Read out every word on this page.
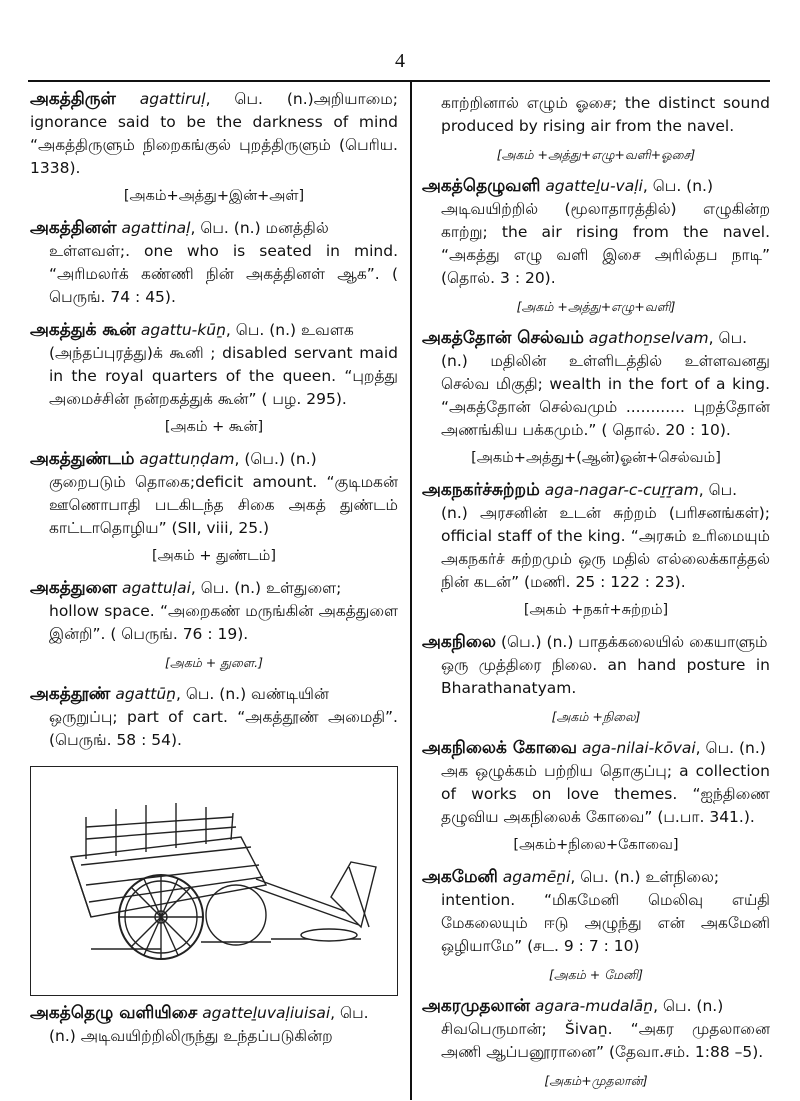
4

அகத்திருள் agattiruḷ, பெ. (n.)அறியாமை; ignorance said to be the darkness of mind “அகத்திருளும் நிறைகங்குல் புறத்திருளும் (பெரிய. 1338).

[அகம்+அத்து+இன்+அள்]

அகத்தினள் agattinaḷ, பெ. (n.) மனத்தில்
உள்ளவள்;. one who is seated in mind. “அரிமலர்க் கண்ணி நின் அகத்தினள் ஆக”. ( பெருங். 74 : 45).

அகத்துக் கூன் agattu-kūṉ, பெ. (n.) உவளக
(அந்தப்புரத்து)க் கூனி ; disabled servant maid in the royal quarters of the queen. “புறத்து அமைச்சின் நன்றகத்துக் கூன்” ( பழ. 295).

[அகம் + கூன்]

அகத்துண்டம் agattuṇḍam, (பெ.) (n.)
குறைபடும் தொகை;deficit amount. “குடிமகன் ஊணொபாதி படகிடந்த சிகை அகத் துண்டம் காட்டாதொழிய” (SII, viii, 25.)

[அகம் + துண்டம்]

அகத்துளை agattuḷai, பெ. (n.) உள்துளை;
hollow space. “அறைகண் மருங்கின் அகத்துளை இன்றி”. ( பெருங். 76 : 19).

[அகம் + துளை.]

அகத்தூண் agattūṉ, பெ. (n.) வண்டியின்
ஒருறுப்பு; part of cart. “அகத்தூண் அமைதி”. (பெருங். 58 : 54).

அகத்தெழு வளியிசை agatteḻuvaḷiuisai, பெ.
(n.) அடிவயிற்றிலிருந்து உந்தப்படுகின்ற

காற்றினால் எழும் ஓசை; the distinct sound produced by rising air from the navel.

[அகம் +அத்து+எழு+வளி+ஓசை]

அகத்தெழுவளி agatteḻu-vaḷi, பெ. (n.)
அடிவயிற்றில் (மூலாதாரத்தில்) எழுகின்ற காற்று; the air rising from the navel. “அகத்து எழு வளி இசை அரில்தப நாடி” (தொல். 3 : 20).

[அகம் +அத்து+எழு+வளி]

அகத்தோன் செல்வம் agathoṉselvam, பெ.
(n.) மதிலின் உள்ளிடத்தில் உள்ளவனது செல்வ மிகுதி; wealth in the fort of a king. “அகத்தோன் செல்வமும் ............ புறத்தோன் அணங்கிய பக்கமும்.” ( தொல். 20 : 10).

[அகம்+அத்து+(ஆன்)ஓன்+செல்வம்]

அகநகர்ச்சுற்றம் aga-nagar-c-cuṟṟam, பெ.
(n.) அரசனின் உடன் சுற்றம் (பரிசனங்கள்); official staff of the king. “அரசும் உரிமையும் அகநகர்ச் சுற்றமும் ஒரு மதில் எல்லைக்காத்தல் நின் கடன்” (மணி. 25 : 122 : 23).

[அகம் +நகர்+சுற்றம்]

அகநிலை (பெ.) (n.) பாதக்கலையில் கையாளும்
ஒரு முத்திரை நிலை. an hand posture in Bharathanatyam.

[அகம் +நிலை]

அகநிலைக் கோவை aga-nilai-kōvai, பெ. (n.)
அக ஒழுக்கம் பற்றிய தொகுப்பு; a collection of works on love themes. “ஐந்திணை தழுவிய அகநிலைக் கோவை” (ப.பா. 341.).

[அகம்+நிலை+கோவை]

அகமேனி agamēṉi, பெ. (n.) உள்நிலை;
intention. “மிகமேனி மெலிவு எய்தி மேகலையும் ஈடு அழுந்து என் அகமேனி ஒழியாமே” (சட. 9 : 7 : 10)

[அகம் + மேனி]

அகரமுதலான் agara-mudalāṉ, பெ. (n.)
சிவபெருமான்; Šivaṉ. “அகர முதலானை அணி ஆப்பனூரானை” (தேவா.சம். 1:88 –5).

[அகம்+முதலான்]
